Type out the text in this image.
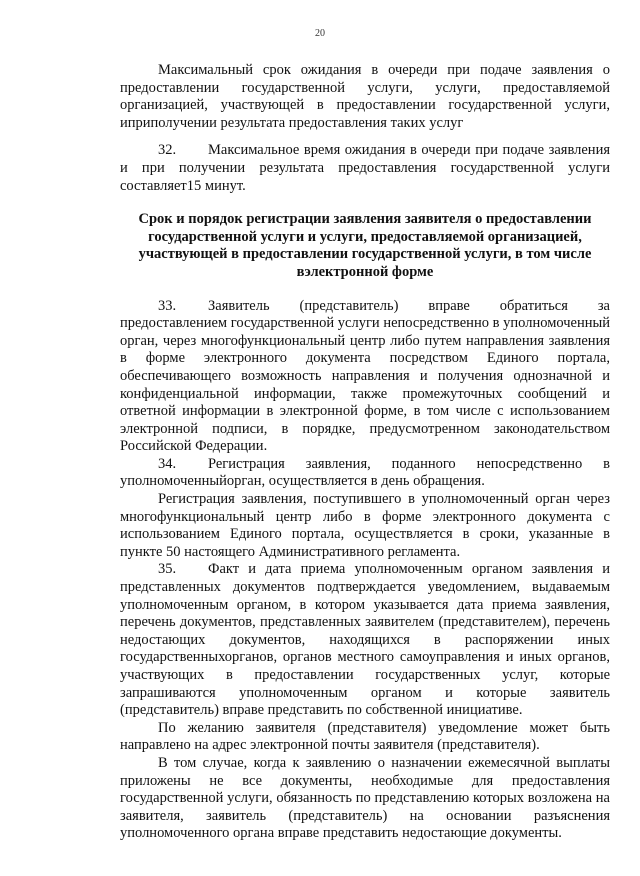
20

Максимальный срок ожидания в очереди при подаче заявления о предоставлении государственной услуги, услуги, предоставляемой организацией, участвующей в предоставлении государственной услуги, иприполучении результата предоставления таких услуг

32. Максимальное время ожидания в очереди при подаче заявления и при получении результата предоставления государственной услуги составляет15 минут.

Срок и порядок регистрации заявления заявителя о предоставлении государственной услуги и услуги, предоставляемой организацией, участвующей в предоставлении государственной услуги, в том числе вэлектронной форме

33. Заявитель (представитель) вправе обратиться за предоставлением государственной услуги непосредственно в уполномоченный орган, через многофункциональный центр либо путем направления заявления в форме электронного документа посредством Единого портала, обеспечивающего возможность направления и получения однозначной и конфиденциальной информации, также промежуточных сообщений и ответной информации в электронной форме, в том числе с использованием электронной подписи, в порядке, предусмотренном законодательством Российской Федерации.

34. Регистрация заявления, поданного непосредственно в уполномоченныйорган, осуществляется в день обращения.

Регистрация заявления, поступившего в уполномоченный орган через многофункциональный центр либо в форме электронного документа с использованием Единого портала, осуществляется в сроки, указанные в пункте 50 настоящего Административного регламента.

35. Факт и дата приема уполномоченным органом заявления и представленных документов подтверждается уведомлением, выдаваемым уполномоченным органом, в котором указывается дата приема заявления, перечень документов, представленных заявителем (представителем), перечень недостающих документов, находящихся в распоряжении иных государственныхорганов, органов местного самоуправления и иных органов, участвующих в предоставлении государственных услуг, которые запрашиваются уполномоченным органом и которые заявитель (представитель) вправе представить по собственной инициативе.

По желанию заявителя (представителя) уведомление может быть направлено на адрес электронной почты заявителя (представителя).

В том случае, когда к заявлению о назначении ежемесячной выплаты приложены не все документы, необходимые для предоставления государственной услуги, обязанность по представлению которых возложена на заявителя, заявитель (представитель) на основании разъяснения уполномоченного органа вправе представить недостающие документы.
